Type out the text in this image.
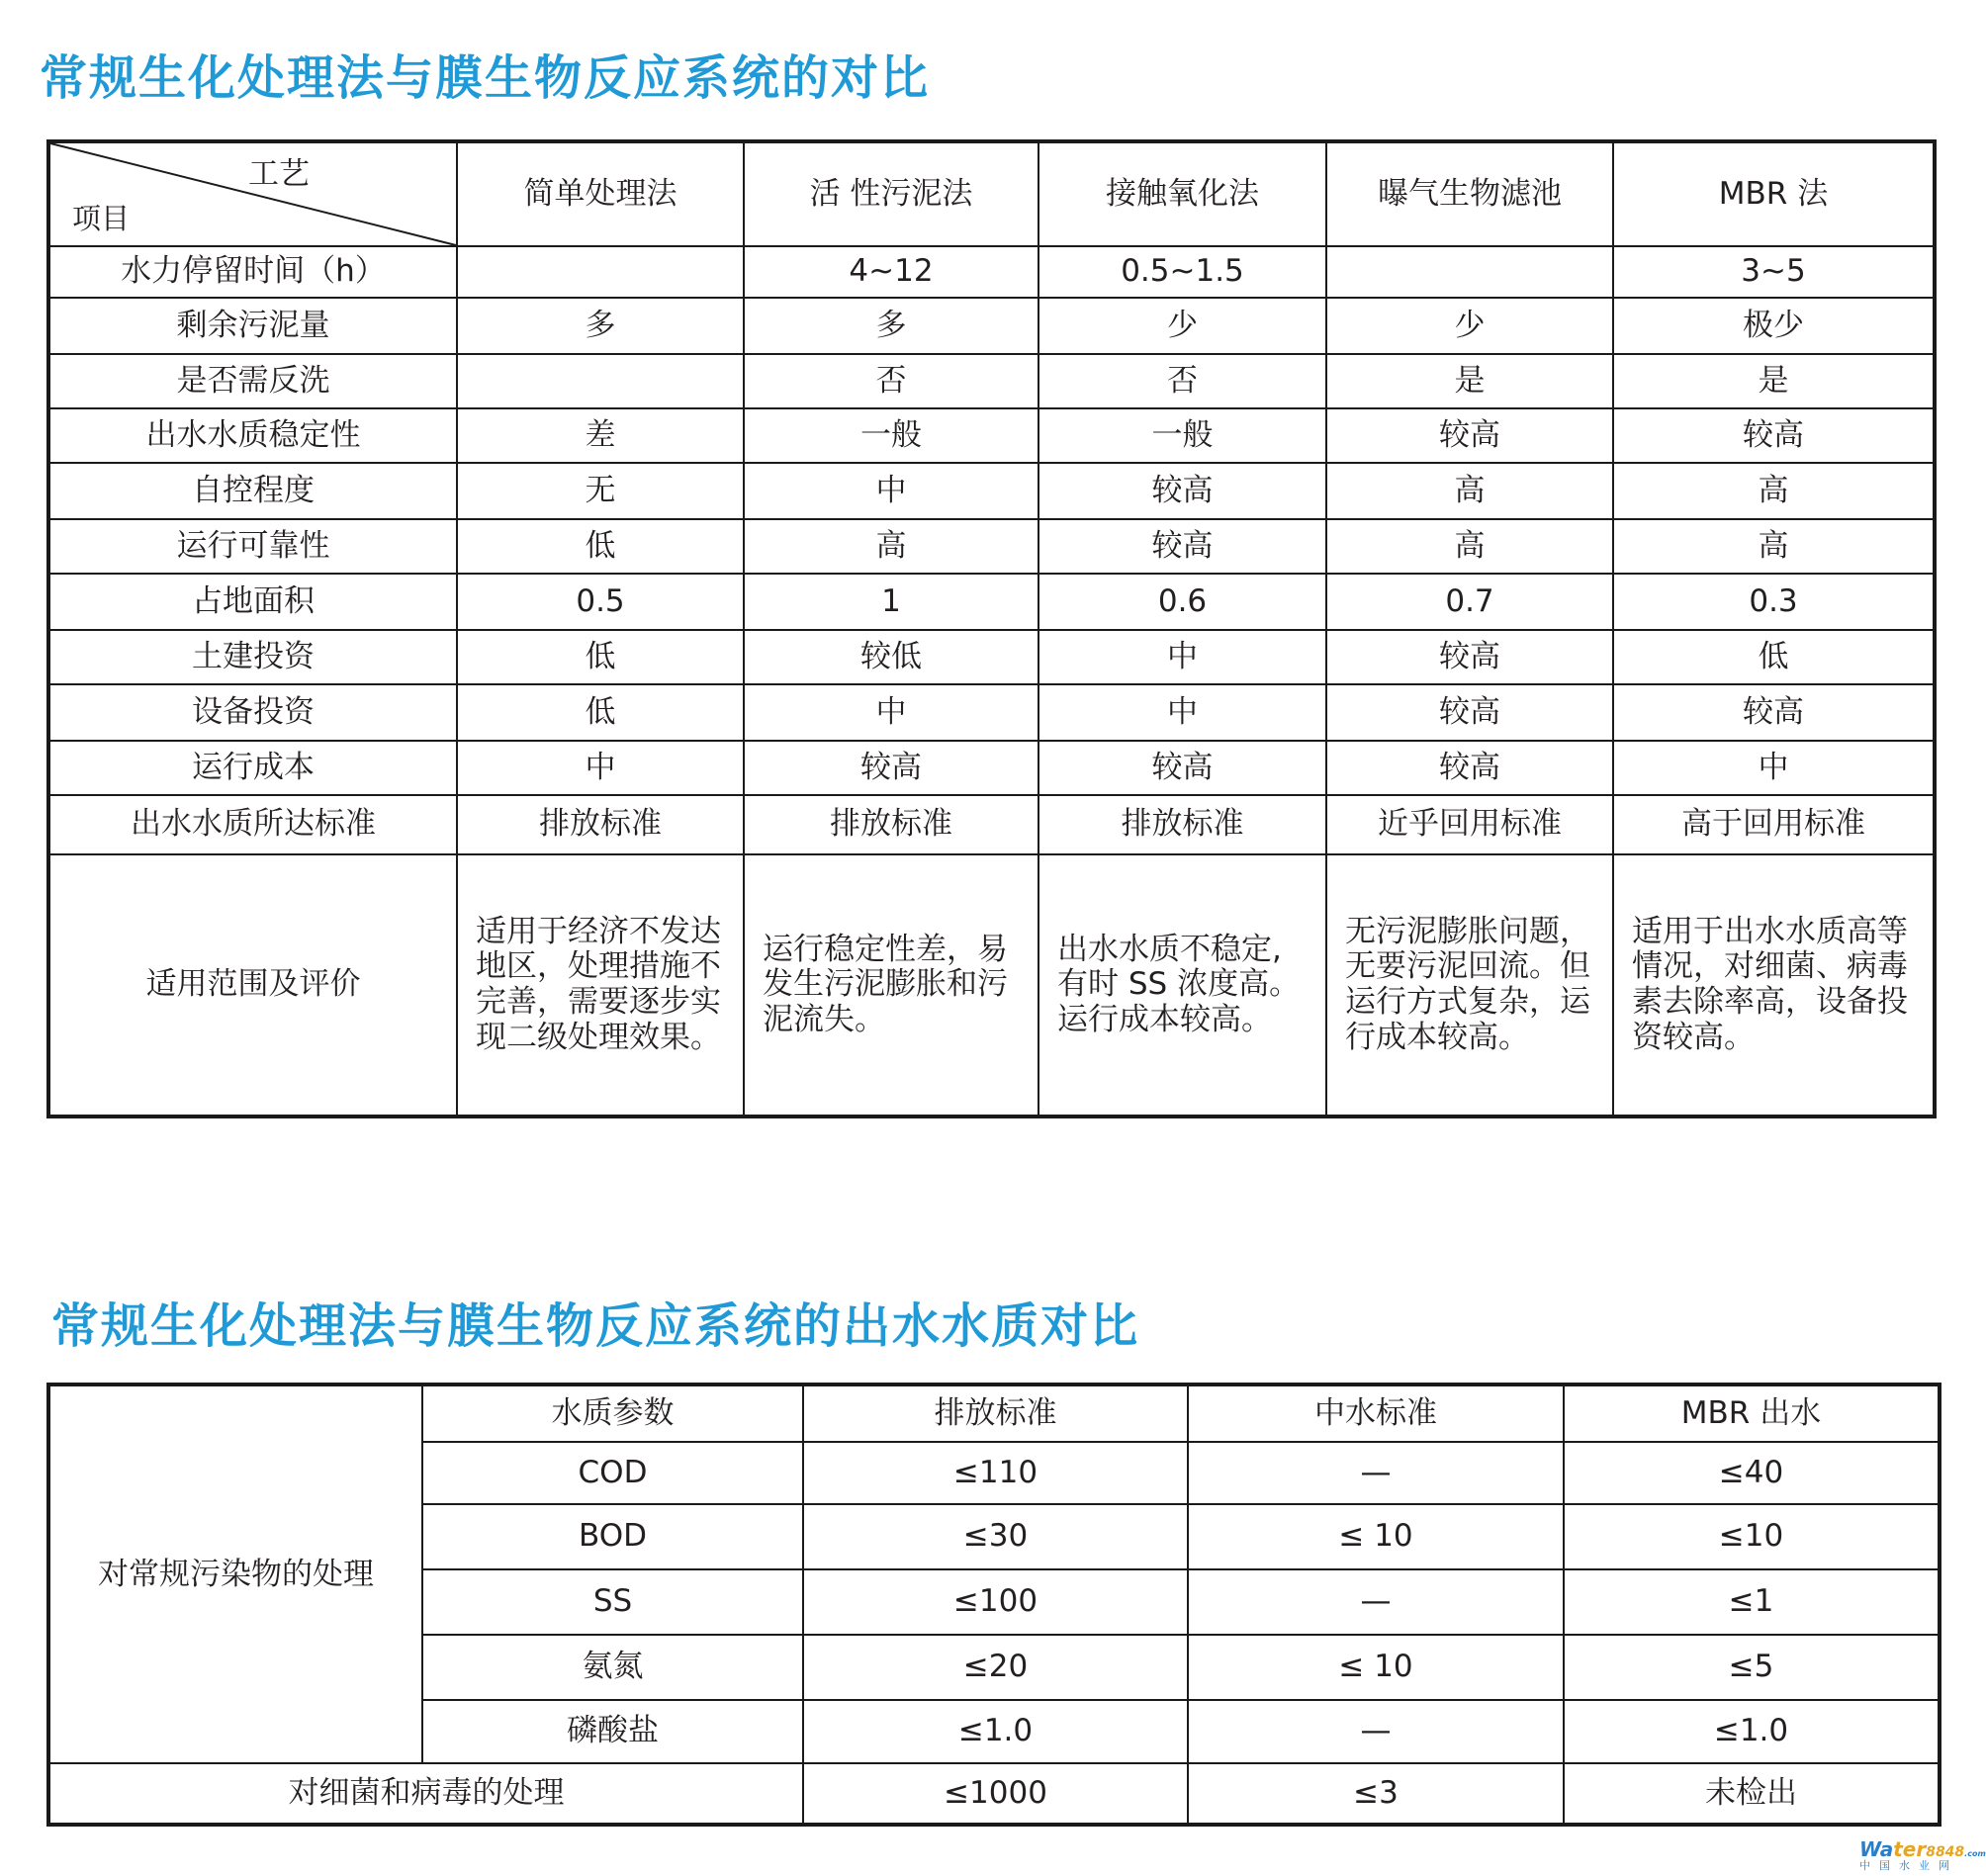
常规生化处理法与膜生物反应系统的对比
工艺
项目	简单处理法	活 性污泥法	接触氧化法	曝气生物滤池	MBR 法
水力停留时间（h）		4~12	0.5~1.5		3~5
剩余污泥量	多	多	少	少	极少
是否需反洗		否	否	是	是
出水水质稳定性	差	一般	一般	较高	较高
自控程度	无	中	较高	高	高
运行可靠性	低	高	较高	高	高
占地面积	0.5	1	0.6	0.7	0.3
土建投资	低	较低	中	较高	低
设备投资	低	中	中	较高	较高
运行成本	中	较高	较高	较高	中
出水水质所达标准	排放标准	排放标准	排放标准	近乎回用标准	高于回用标准
适用范围及评价	适用于经济不发达地区，处理措施不完善，需要逐步实现二级处理效果。	运行稳定性差，易发生污泥膨胀和污泥流失。	出水水质不稳定,有时 SS 浓度高。运行成本较高。	无污泥膨胀问题，无要污泥回流。但运行方式复杂，运行成本较高。	适用于出水水质高等情况，对细菌、病毒素去除率高，设备投资较高。
常规生化处理法与膜生物反应系统的出水水质对比
对常规污染物的处理	水质参数	排放标准	中水标准	MBR 出水
	COD	≤110	—	≤40
	BOD	≤30	≤ 10	≤10
	SS	≤100	—	≤1
	氨氮	≤20	≤ 10	≤5
	磷酸盐	≤1.0	—	≤1.0
对细菌和病毒的处理		≤1000	≤3	未检出
Water8848.com
中国水业网
